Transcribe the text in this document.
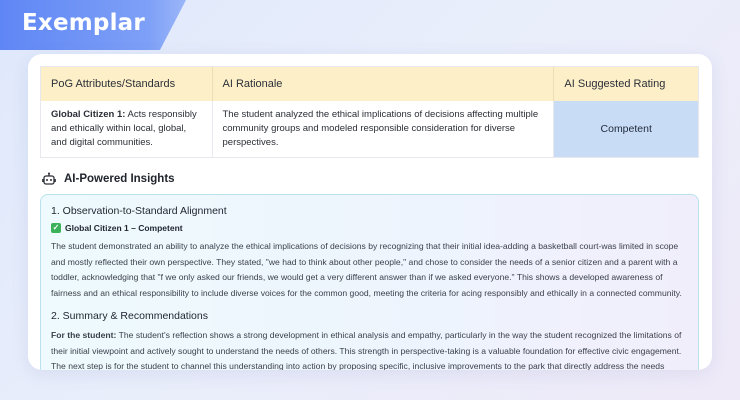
Exemplar
PoG Attributes/Standards	AI Rationale	AI Suggested Rating
Global Citizen 1: Acts responsibly and ethically within local, global, and digital communities.
The student analyzed the ethical implications of decisions affecting multiple community groups and modeled responsible consideration for diverse perspectives.
Competent
AI-Powered Insights
1. Observation-to-Standard Alignment
✓ Global Citizen 1 – Competent
The student demonstrated an ability to analyze the ethical implications of decisions by recognizing that their initial idea-adding a basketball court-was limited in scope and mostly reflected their own perspective. They stated, "we had to think about other people," and chose to consider the needs of a senior citizen and a parent with a toddler, acknowledging that "f we only asked our friends, we would get a very different answer than if we asked everyone." This shows a developed awareness of fairness and an ethical responsibility to include diverse voices for the common good, meeting the criteria for acing responsibly and ethically in a connected community.
2. Summary & Recommendations
For the student: The student's reflection shows a strong development in ethical analysis and empathy, particularly in the way the student recognized the limitations of their initial viewpoint and actively sought to understand the needs of others. This strength in perspective-taking is a valuable foundation for effective civic engagement. The next step is for the student to channel this understanding into action by proposing specific, inclusive improvements to the park that directly address the needs
